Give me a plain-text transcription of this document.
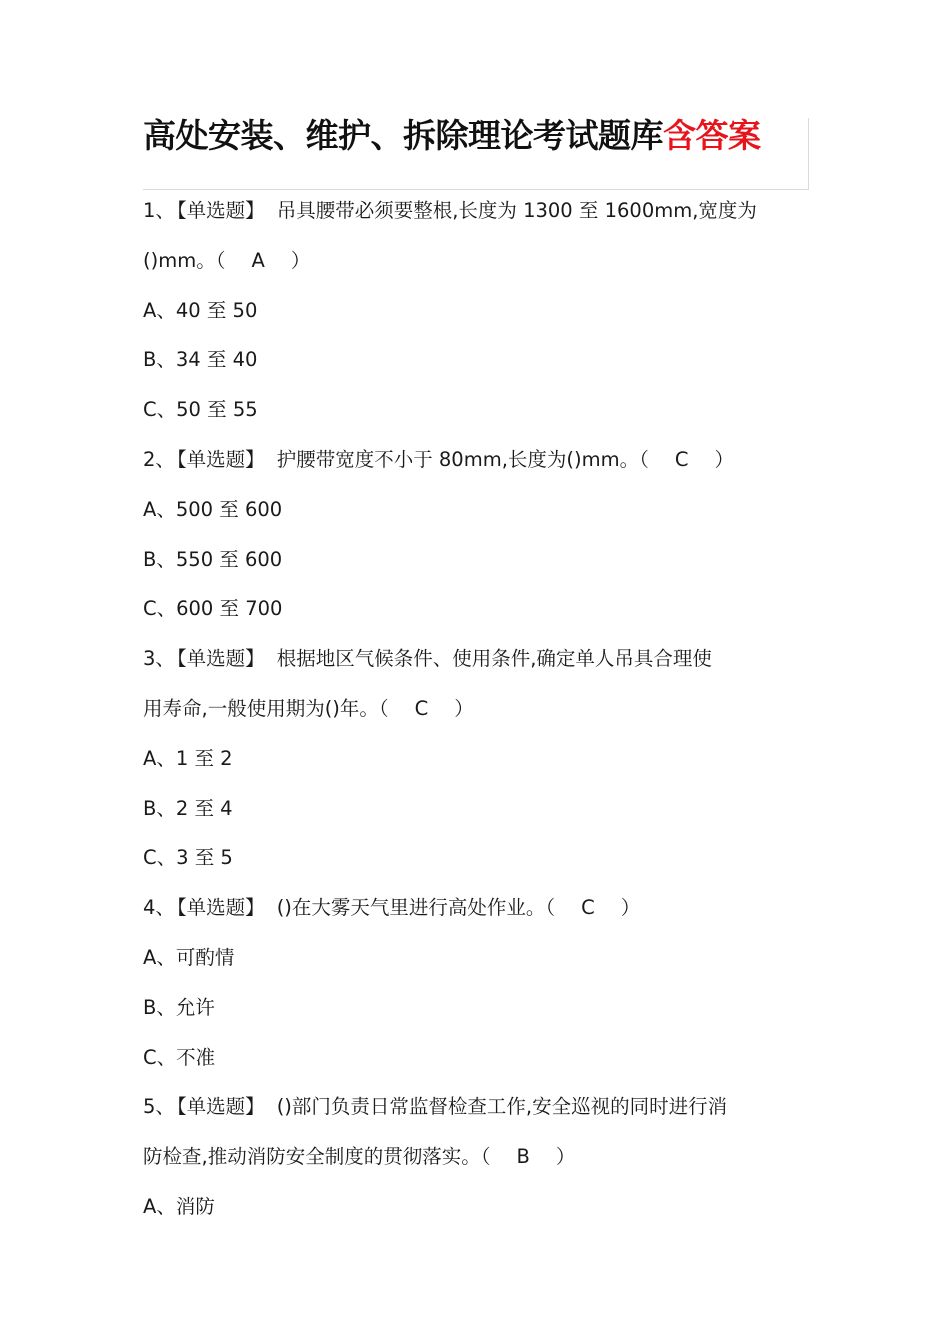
高处安装、维护、拆除理论考试题库含答案
1、 【单选题】 吊具腰带必须要整根,长度为 1300 至 1600mm,宽度为
()mm。（ A ）
A、40 至 50
B、34 至 40
C、50 至 55
2、 【单选题】 护腰带宽度不小于 80mm,长度为()mm。（ C ）
A、500 至 600
B、550 至 600
C、600 至 700
3、 【单选题】 根据地区气候条件、使用条件,确定单人吊具合理使
用寿命,一般使用期为()年。（ C ）
A、1 至 2
B、2 至 4
C、3 至 5
4、 【单选题】 ()在大雾天气里进行高处作业。（ C ）
A、可酌情
B、允许
C、不准
5、 【单选题】 ()部门负责日常监督检查工作,安全巡视的同时进行消
防检查,推动消防安全制度的贯彻落实。（ B ）
A、消防
